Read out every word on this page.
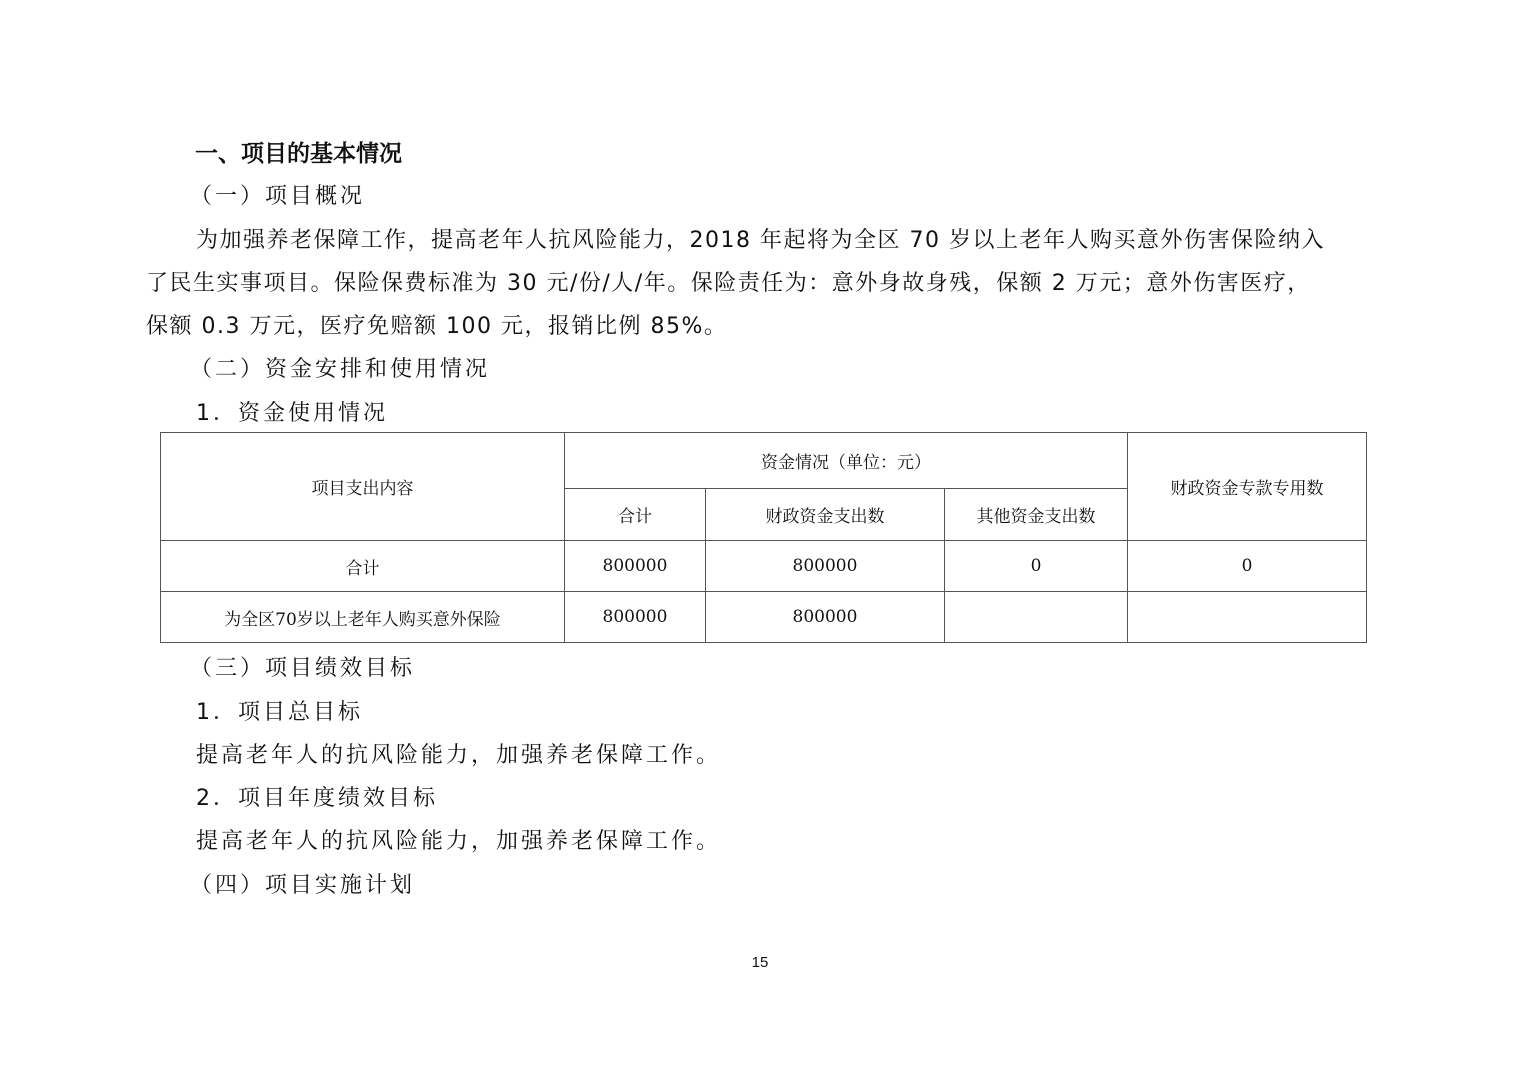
一、项目的基本情况
（一）项目概况
为加强养老保障工作，提高老年人抗风险能力，2018 年起将为全区 70 岁以上老年人购买意外伤害保险纳入
了民生实事项目。保险保费标准为 30 元/份/人/年。保险责任为：意外身故身残，保额 2 万元；意外伤害医疗，
保额 0.3 万元，医疗免赔额 100 元，报销比例 85%。
（二）资金安排和使用情况
1．资金使用情况
项目支出内容	资金情况（单位：元）			财政资金专款专用数
	合计	财政资金支出数	其他资金支出数	
合计	800000	800000	0	0
为全区70岁以上老年人购买意外保险	800000	800000		
（三）项目绩效目标
1．项目总目标
提高老年人的抗风险能力，加强养老保障工作。
2．项目年度绩效目标
提高老年人的抗风险能力，加强养老保障工作。
（四）项目实施计划
15
